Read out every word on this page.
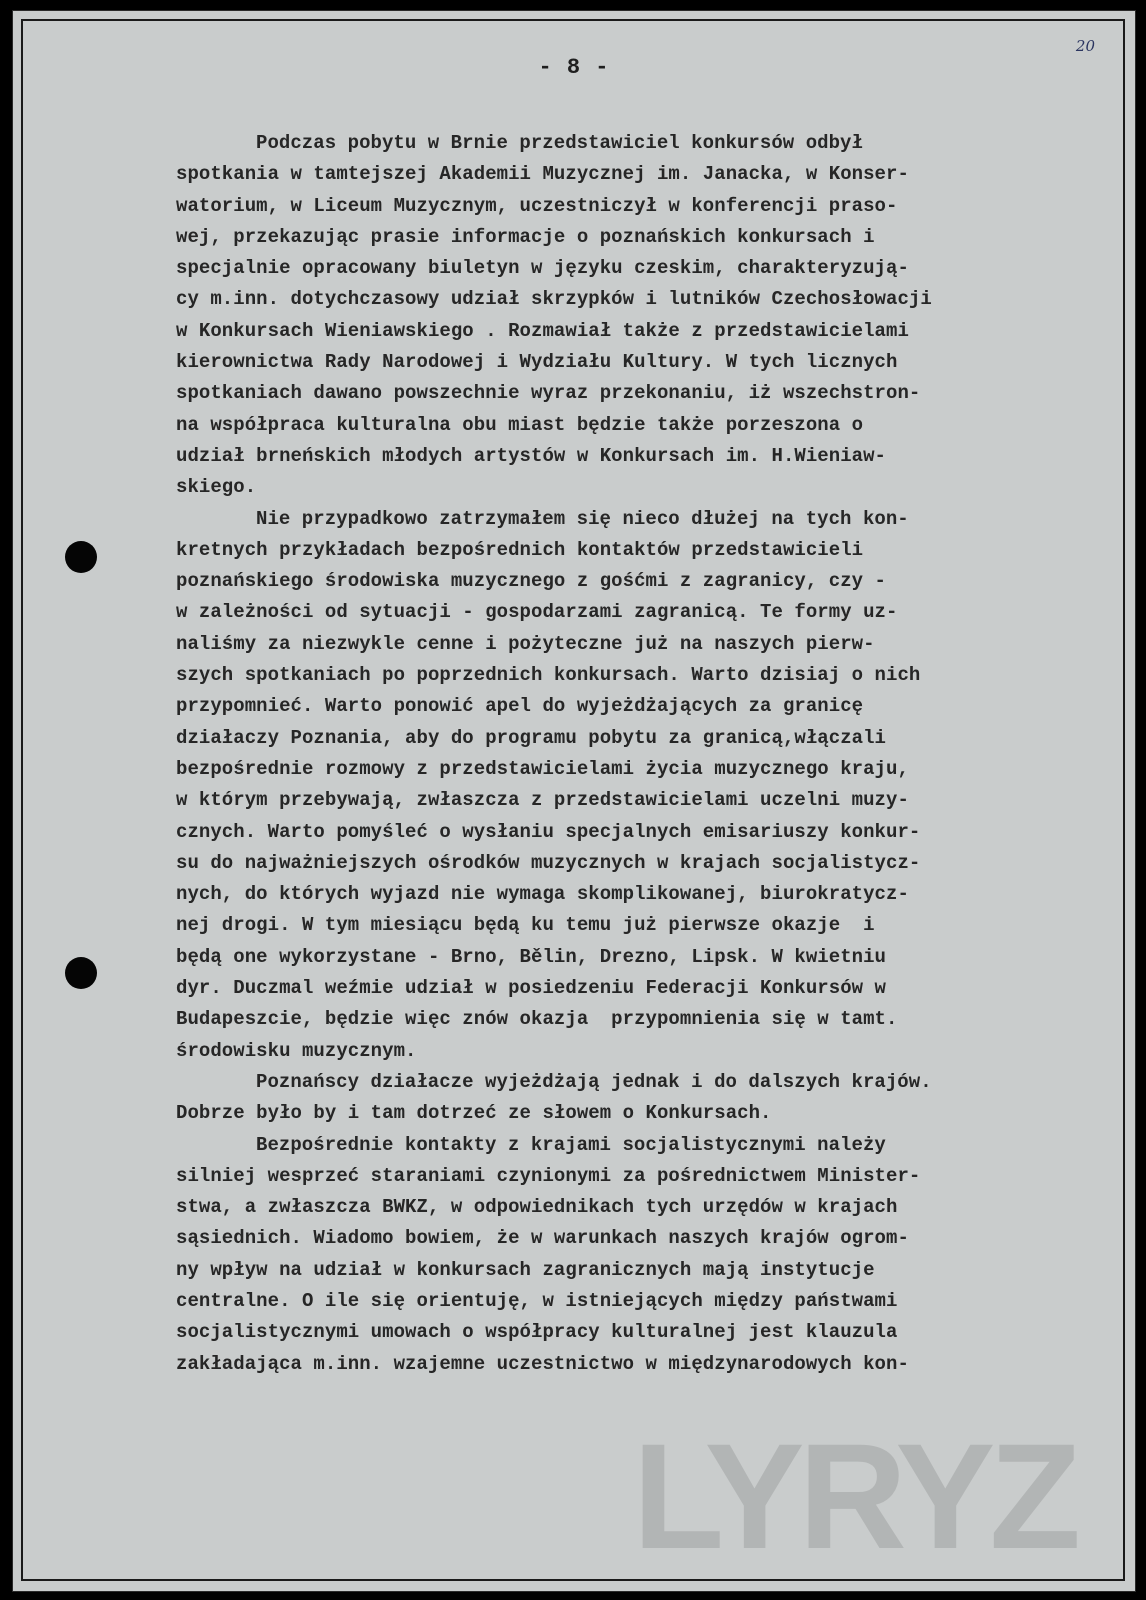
- 8 -
20
Podczas pobytu w Brnie przedstawiciel konkursów odbył
spotkania w tamtejszej Akademii Muzycznej im. Janacka, w Konser-
watorium, w Liceum Muzycznym, uczestniczył w konferencji praso-
wej, przekazując prasie informacje o poznańskich konkursach i
specjalnie opracowany biuletyn w języku czeskim, charakteryzują-
cy m.inn. dotychczasowy udział skrzypków i lutników Czechosłowacji
w Konkursach Wieniawskiego . Rozmawiał także z przedstawicielami
kierownictwa Rady Narodowej i Wydziału Kultury. W tych licznych
spotkaniach dawano powszechnie wyraz przekonaniu, iż wszechstron-
na współpraca kulturalna obu miast będzie także porzeszona o
udział brneńskich młodych artystów w Konkursach im. H.Wieniaw-
skiego.
Nie przypadkowo zatrzymałem się nieco dłużej na tych kon-
kretnych przykładach bezpośrednich kontaktów przedstawicieli
poznańskiego środowiska muzycznego z gośćmi z zagranicy, czy -
w zależności od sytuacji - gospodarzami zagranicą. Te formy uz-
naliśmy za niezwykle cenne i pożyteczne już na naszych pierw-
szych spotkaniach po poprzednich konkursach. Warto dzisiaj o nich
przypomnieć. Warto ponowić apel do wyjeżdżających za granicę
działaczy Poznania, aby do programu pobytu za granicą,włączali
bezpośrednie rozmowy z przedstawicielami życia muzycznego kraju,
w którym przebywają, zwłaszcza z przedstawicielami uczelni muzy-
cznych. Warto pomyśleć o wysłaniu specjalnych emisariuszy konkur-
su do najważniejszych ośrodków muzycznych w krajach socjalistycz-
nych, do których wyjazd nie wymaga skomplikowanej, biurokratycz-
nej drogi. W tym miesiącu będą ku temu już pierwsze okazje  i
będą one wykorzystane - Brno, Bělin, Drezno, Lipsk. W kwietniu
dyr. Duczmal weźmie udział w posiedzeniu Federacji Konkursów w
Budapeszcie, będzie więc znów okazja  przypomnienia się w tamt.
środowisku muzycznym.
Poznańscy działacze wyjeżdżają jednak i do dalszych krajów.
Dobrze było by i tam dotrzeć ze słowem o Konkursach.
Bezpośrednie kontakty z krajami socjalistycznymi należy
silniej wesprzeć staraniami czynionymi za pośrednictwem Minister-
stwa, a zwłaszcza BWKZ, w odpowiednikach tych urzędów w krajach
sąsiednich. Wiadomo bowiem, że w warunkach naszych krajów ogrom-
ny wpływ na udział w konkursach zagranicznych mają instytucje
centralne. O ile się orientuję, w istniejących między państwami
socjalistycznymi umowach o współpracy kulturalnej jest klauzula
zakładająca m.inn. wzajemne uczestnictwo w międzynarodowych kon-
LYRYZ
